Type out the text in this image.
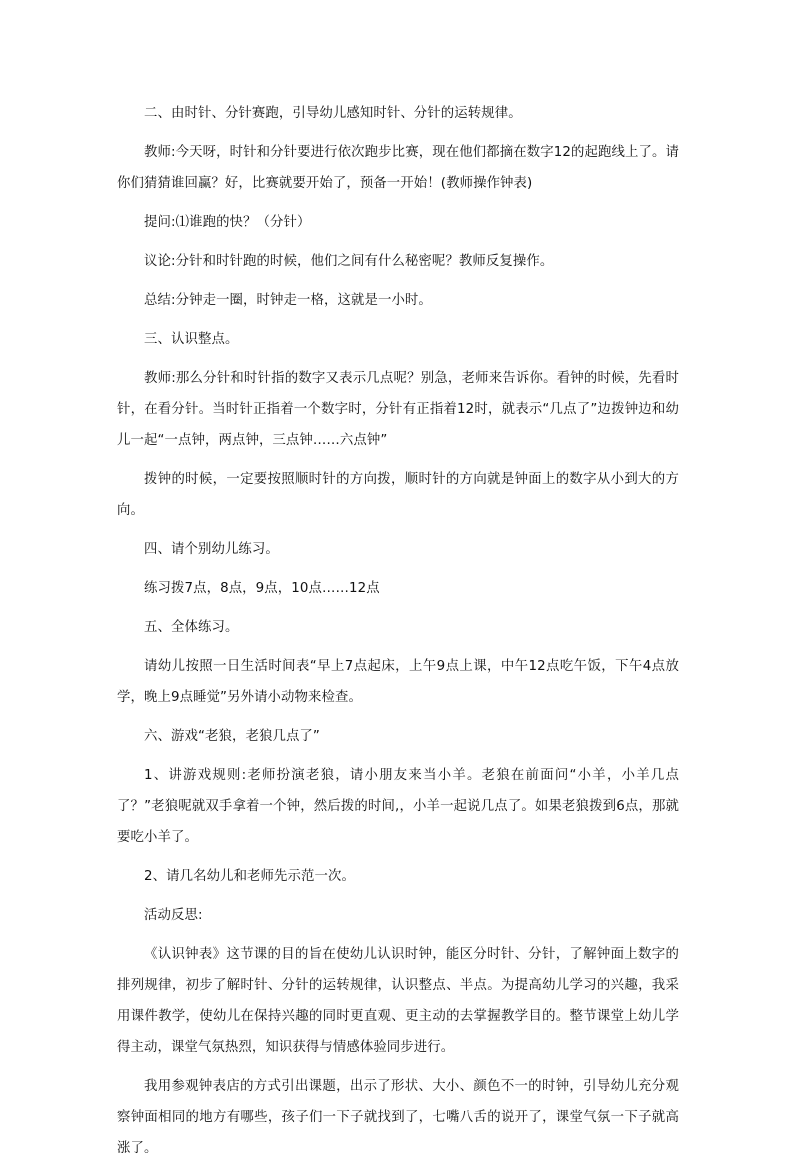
二、由时针、分针赛跑，引导幼儿感知时针、分针的运转规律。

教师:今天呀，时针和分针要进行依次跑步比赛，现在他们都摘在数字12的起跑线上了。请你们猜猜谁回赢？好，比赛就要开始了，预备一开始！(教师操作钟表)

提问:⑴谁跑的快？（分针）

议论:分针和时针跑的时候，他们之间有什么秘密呢？教师反复操作。

总结:分钟走一圈，时钟走一格，这就是一小时。

三、认识整点。

教师:那么分针和时针指的数字又表示几点呢？别急，老师来告诉你。看钟的时候，先看时针，在看分针。当时针正指着一个数字时，分针有正指着12时，就表示“几点了”边拨钟边和幼儿一起“一点钟，两点钟，三点钟……六点钟”

拨钟的时候，一定要按照顺时针的方向拨，顺时针的方向就是钟面上的数字从小到大的方向。

四、请个别幼儿练习。

练习拨7点，8点，9点，10点……12点

五、全体练习。

请幼儿按照一日生活时间表“早上7点起床，上午9点上课，中午12点吃午饭，下午4点放学，晚上9点睡觉”另外请小动物来检查。

六、游戏“老狼，老狼几点了”

1、讲游戏规则:老师扮演老狼，请小朋友来当小羊。老狼在前面问“小羊，小羊几点了？”老狼呢就双手拿着一个钟，然后拨的时间,，小羊一起说几点了。如果老狼拨到6点，那就要吃小羊了。

2、请几名幼儿和老师先示范一次。

活动反思:

《认识钟表》这节课的目的旨在使幼儿认识时钟，能区分时针、分针，了解钟面上数字的排列规律，初步了解时针、分针的运转规律，认识整点、半点。为提高幼儿学习的兴趣，我采用课件教学，使幼儿在保持兴趣的同时更直观、更主动的去掌握教学目的。整节课堂上幼儿学得主动，课堂气氛热烈，知识获得与情感体验同步进行。

我用参观钟表店的方式引出课题，出示了形状、大小、颜色不一的时钟，引导幼儿充分观察钟面相同的地方有哪些，孩子们一下子就找到了，七嘴八舌的说开了，课堂气氛一下子就高涨了。
